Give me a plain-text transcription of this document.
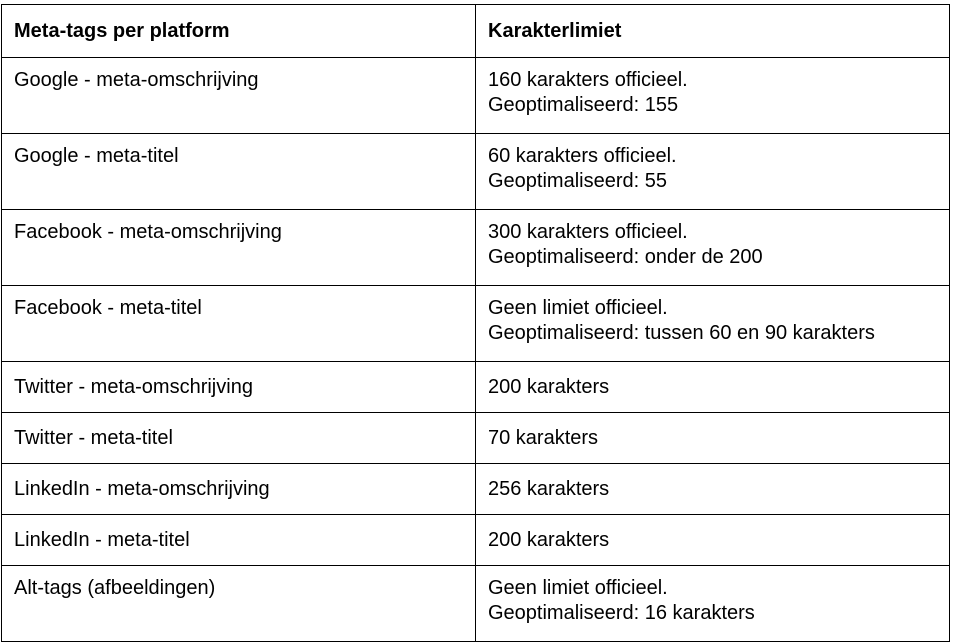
Meta-tags per platform	Karakterlimiet
Google - meta-omschrijving	160 karakters officieel.
Geoptimaliseerd: 155

Google - meta-titel	60 karakters officieel.
Geoptimaliseerd: 55

Facebook - meta-omschrijving	300 karakters officieel.
Geoptimaliseerd: onder de 200

Facebook - meta-titel	Geen limiet officieel.
Geoptimaliseerd: tussen 60 en 90 karakters

Twitter - meta-omschrijving	200 karakters

Twitter - meta-titel	70 karakters

LinkedIn - meta-omschrijving	256 karakters

LinkedIn - meta-titel	200 karakters

Alt-tags (afbeeldingen)	Geen limiet officieel.
Geoptimaliseerd: 16 karakters
